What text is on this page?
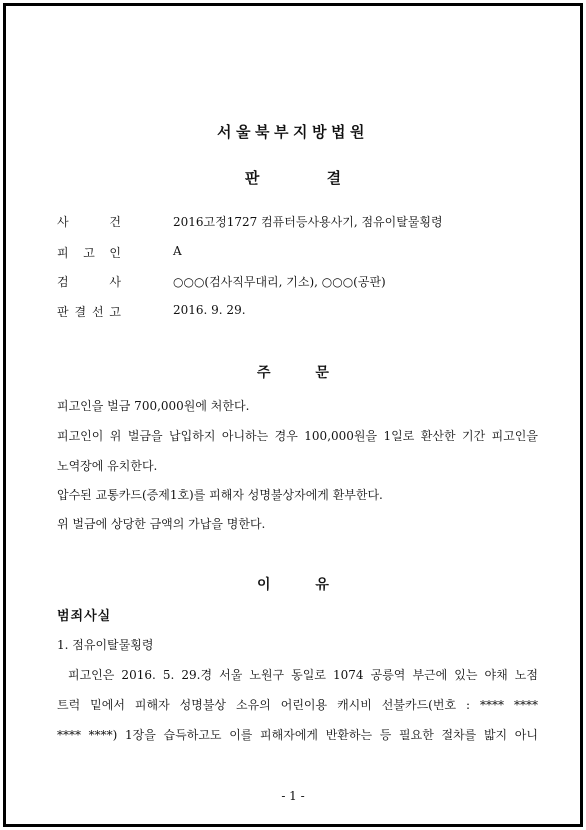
서울북부지방법원
판 결
사	건	2016고정1727 컴퓨터등사용사기, 점유이탈물횡령
피 고 인	A
검	사	○○○(검사직무대리, 기소), ○○○(공판)
판 결 선 고	2016. 9. 29.
주 문
피고인을 벌금 700,000원에 처한다.
피고인이 위 벌금을 납입하지 아니하는 경우 100,000원을 1일로 환산한 기간 피고인을
노역장에 유치한다.
압수된 교통카드(증제1호)를 피해자 성명불상자에게 환부한다.
위 벌금에 상당한 금액의 가납을 명한다.
이 유
범죄사실
1. 점유이탈물횡령
피고인은 2016. 5. 29.경 서울 노원구 동일로 1074 공릉역 부근에 있는 야채 노점
트럭 밑에서 피해자 성명불상 소유의 어린이용 캐시비 선불카드(번호 : **** ****
**** ****) 1장을 습득하고도 이를 피해자에게 반환하는 등 필요한 절차를 밟지 아니
- 1 -
